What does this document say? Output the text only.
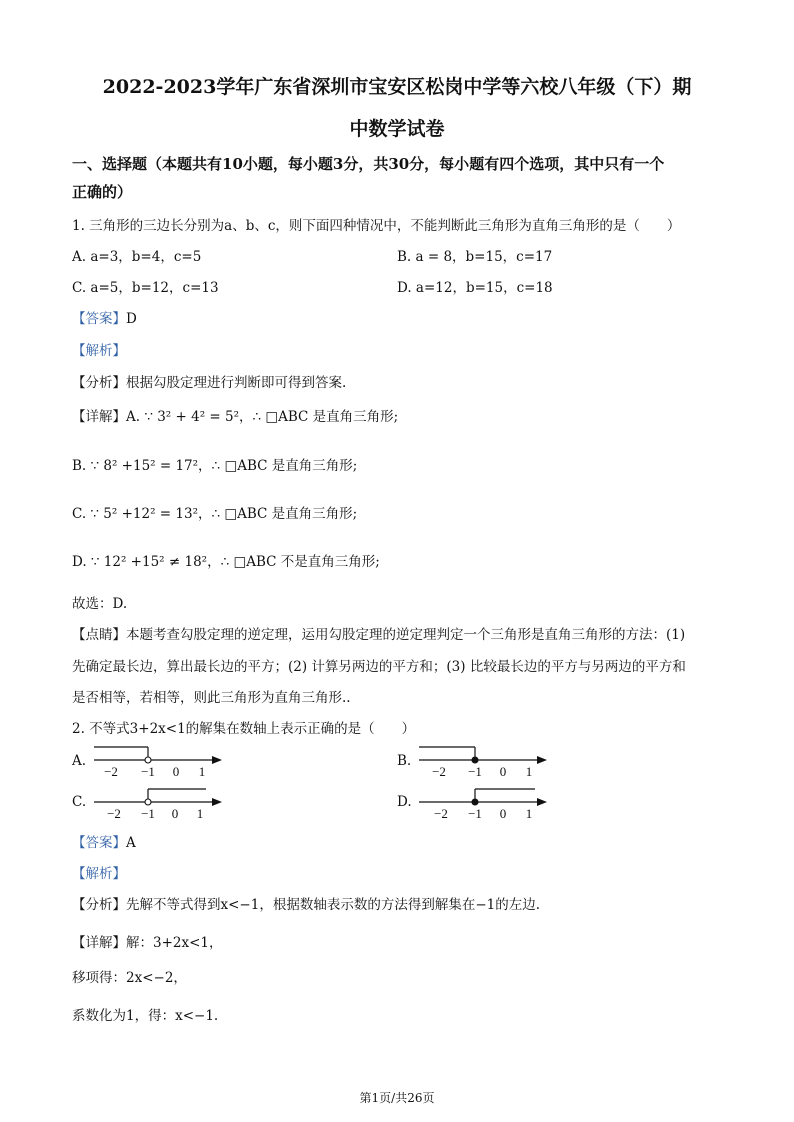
2022-2023学年广东省深圳市宝安区松岗中学等六校八年级（下）期
中数学试卷
一、选择题（本题共有10小题，每小题3分，共30分，每小题有四个选项，其中只有一个
正确的）
1. 三角形的三边长分别为a、b、c，则下面四种情况中，不能判断此三角形为直角三角形的是（　　）
A. a=3，b=4，c=5	B. a = 8，b=15，c=17
C. a=5，b=12，c=13	D. a=12，b=15，c=18
【答案】D
【解析】
【分析】根据勾股定理进行判断即可得到答案.
【详解】A. ∵ 3² + 4² = 5²，∴ □ABC 是直角三角形;
B. ∵ 8² +15² = 17²，∴ □ABC 是直角三角形;
C. ∵ 5² +12² = 13²，∴ □ABC 是直角三角形;
D. ∵ 12² +15² ≠ 18²，∴ □ABC 不是直角三角形;
故选：D.
【点睛】本题考查勾股定理的逆定理，运用勾股定理的逆定理判定一个三角形是直角三角形的方法：(1)
先确定最长边，算出最长边的平方；(2) 计算另两边的平方和；(3) 比较最长边的平方与另两边的平方和
是否相等，若相等，则此三角形为直角三角形..
2. 不等式3+2x<1的解集在数轴上表示正确的是（　　）
A.	B.
C.	D.
−2 −1 0 1	−2 −1 0 1
−2 −1 0 1	−2 −1 0 1
【答案】A
【解析】
【分析】先解不等式得到x<−1，根据数轴表示数的方法得到解集在−1的左边.
【详解】解：3+2x<1，
移项得：2x<−2，
系数化为1，得：x<−1.
第1页/共26页
